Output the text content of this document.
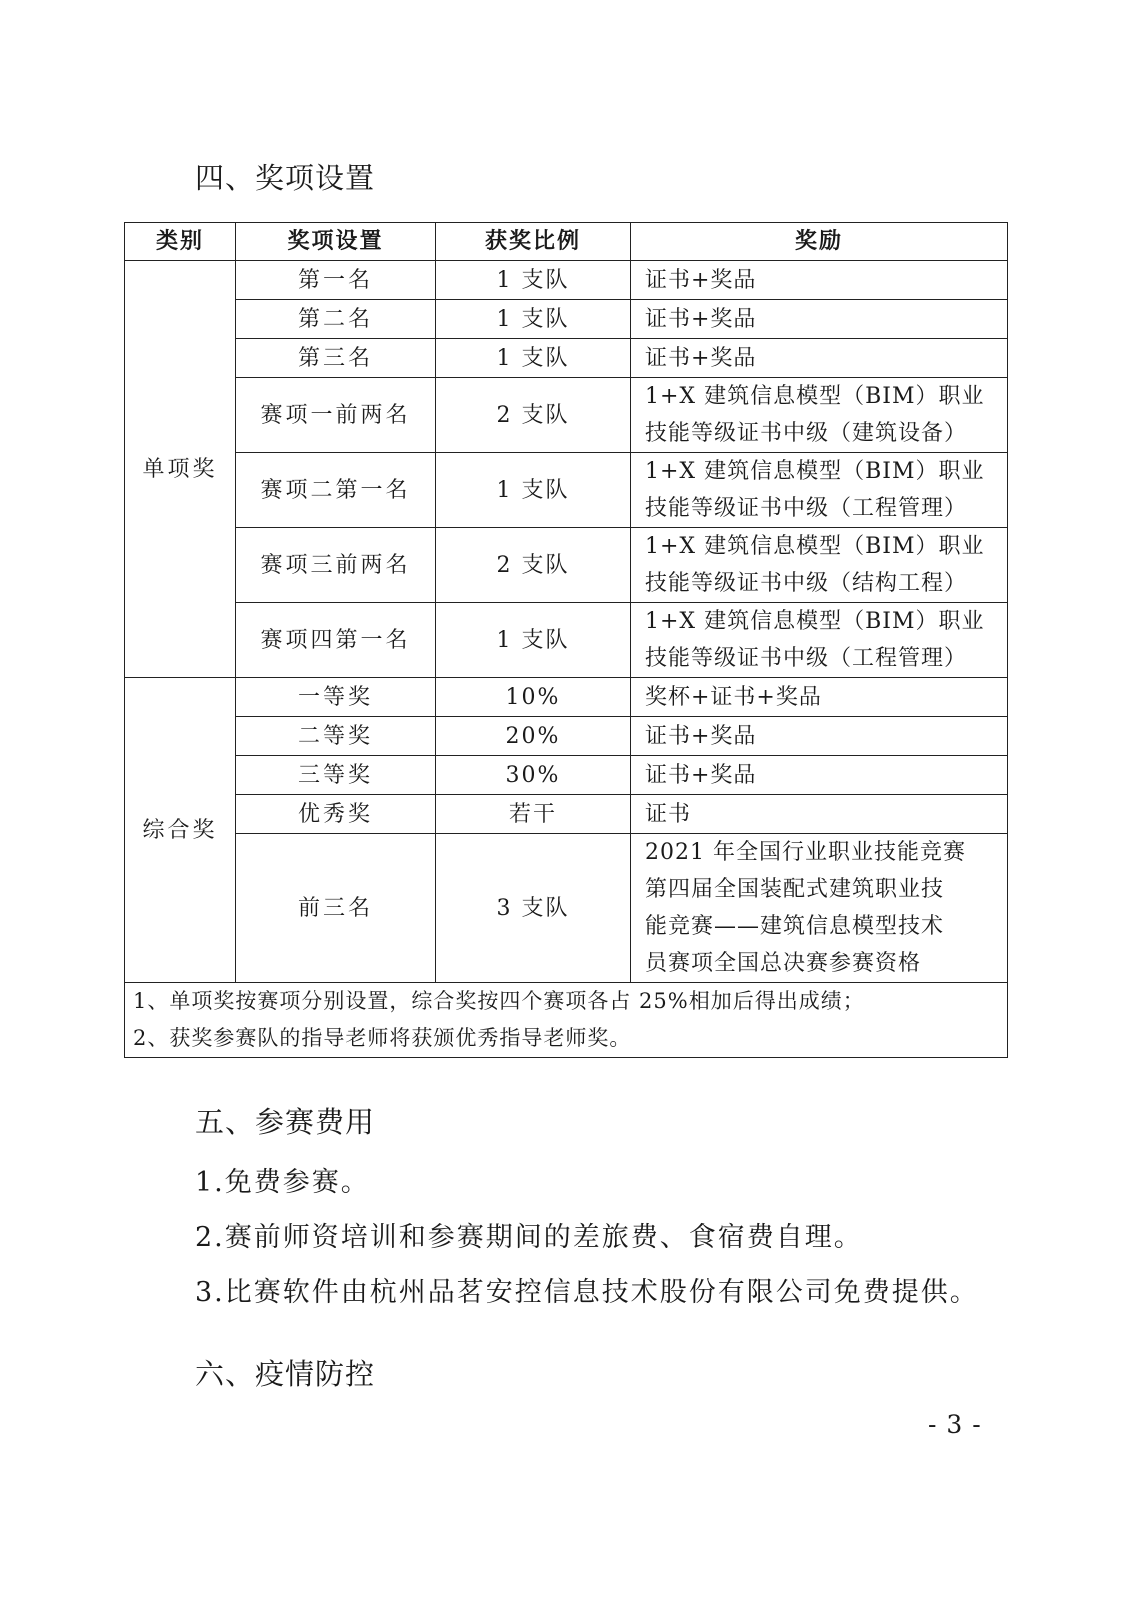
四、奖项设置
类别	奖项设置	获奖比例	奖励
单项奖	第一名	1 支队	证书+奖品

	第二名	1 支队	证书+奖品

	第三名	1 支队	证书+奖品

	赛项一前两名	2 支队	1+X 建筑信息模型（BIM）职业
技能等级证书中级（建筑设备）

	赛项二第一名	1 支队	1+X 建筑信息模型（BIM）职业
技能等级证书中级（工程管理）

	赛项三前两名	2 支队	1+X 建筑信息模型（BIM）职业
技能等级证书中级（结构工程）

	赛项四第一名	1 支队	1+X 建筑信息模型（BIM）职业
技能等级证书中级（工程管理）

综合奖	一等奖	10%	奖杯+证书+奖品

	二等奖	20%	证书+奖品

	三等奖	30%	证书+奖品

	优秀奖	若干	证书

	前三名	3 支队	2021 年全国行业职业技能竞赛
第四届全国装配式建筑职业技
能竞赛——建筑信息模型技术
员赛项全国总决赛参赛资格

1、单项奖按赛项分别设置，综合奖按四个赛项各占 25%相加后得出成绩；
2、获奖参赛队的指导老师将获颁优秀指导老师奖。			
五、参赛费用
1.免费参赛。
2.赛前师资培训和参赛期间的差旅费、食宿费自理。
3.比赛软件由杭州品茗安控信息技术股份有限公司免费提供。
六、疫情防控
- 3 -
